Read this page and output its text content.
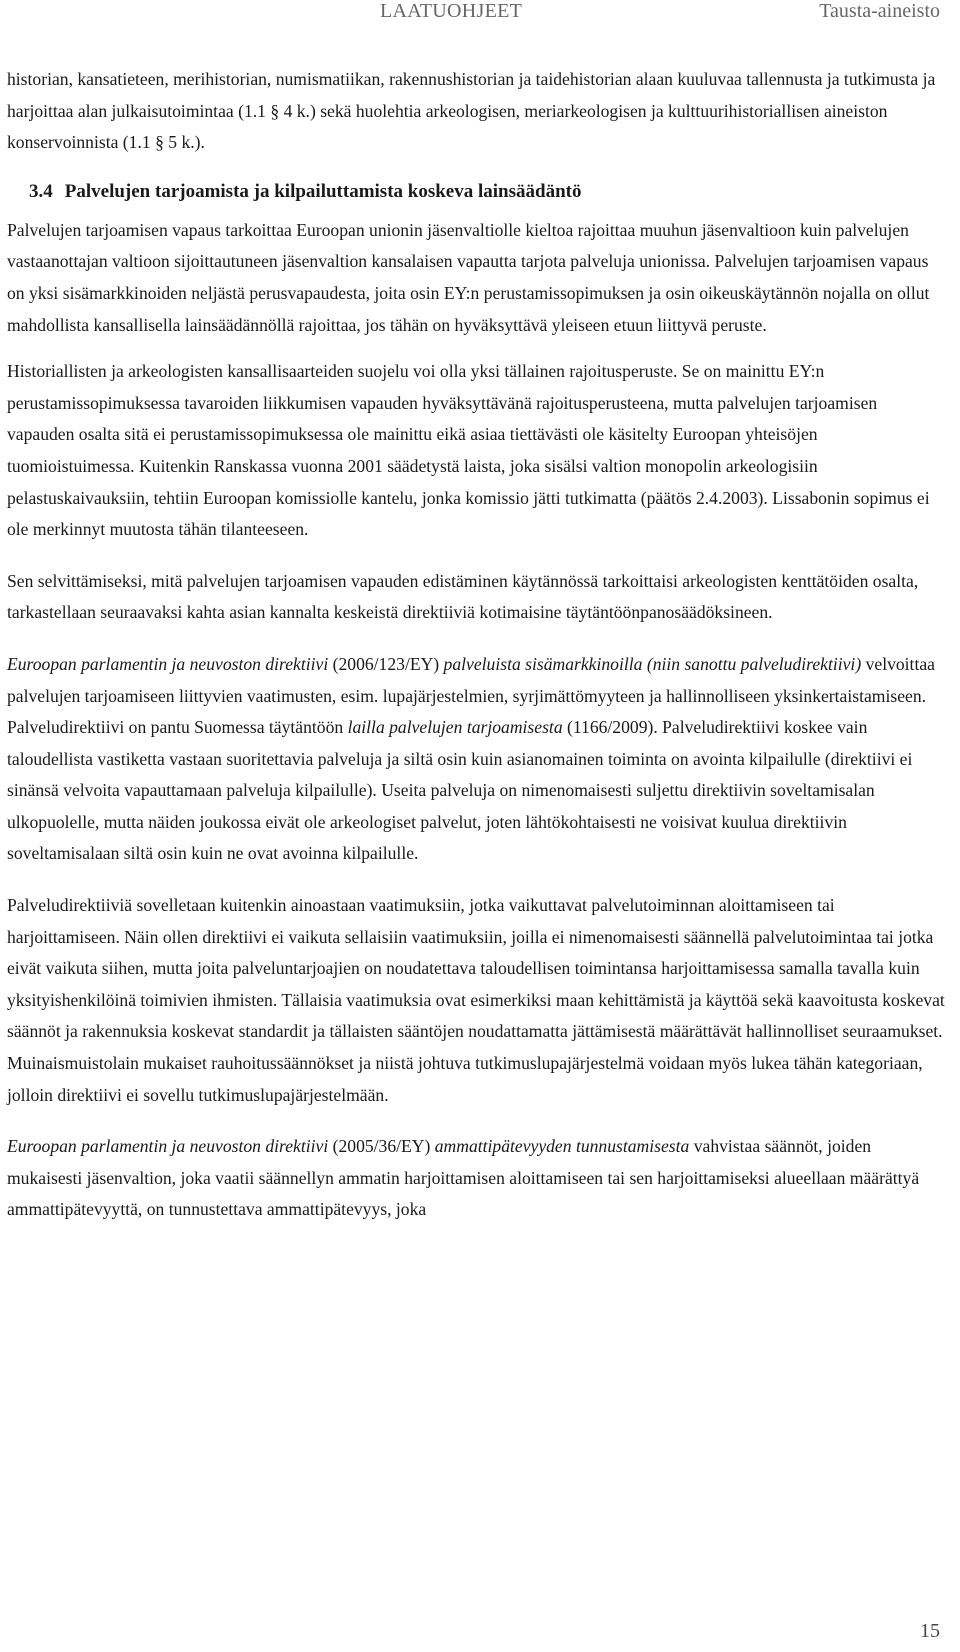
LAATUOHJEET	Tausta-aineisto

historian, kansatieteen, merihistorian, numismatiikan, rakennushistorian ja taidehistorian alaan kuuluvaa tallennusta ja tutkimusta ja harjoittaa alan julkaisutoimintaa (1.1 § 4 k.) sekä huolehtia arkeologisen, meriarkeologisen ja kulttuurihistoriallisen aineiston konservoinnista (1.1 § 5 k.).

3.4 Palvelujen tarjoamista ja kilpailuttamista koskeva lainsäädäntö

Palvelujen tarjoamisen vapaus tarkoittaa Euroopan unionin jäsenvaltiolle kieltoa rajoittaa muuhun jäsenvaltioon kuin palvelujen vastaanottajan valtioon sijoittautuneen jäsenvaltion kansalaisen vapautta tarjota palveluja unionissa. Palvelujen tarjoamisen vapaus on yksi sisämarkkinoiden neljästä perusvapaudesta, joita osin EY:n perustamissopimuksen ja osin oikeuskäytännön nojalla on ollut mahdollista kansallisella lainsäädännöllä rajoittaa, jos tähän on hyväksyttävä yleiseen etuun liittyvä peruste.

Historiallisten ja arkeologisten kansallisaarteiden suojelu voi olla yksi tällainen rajoitusperuste. Se on mainittu EY:n perustamissopimuksessa tavaroiden liikkumisen vapauden hyväksyttävänä rajoitusperusteena, mutta palvelujen tarjoamisen vapauden osalta sitä ei perustamissopimuksessa ole mainittu eikä asiaa tiettävästi ole käsitelty Euroopan yhteisöjen tuomioistuimessa. Kuitenkin Ranskassa vuonna 2001 säädetystä laista, joka sisälsi valtion monopolin arkeologisiin pelastuskaivauksiin, tehtiin Euroopan komissiolle kantelu, jonka komissio jätti tutkimatta (päätös 2.4.2003). Lissabonin sopimus ei ole merkinnyt muutosta tähän tilanteeseen.

Sen selvittämiseksi, mitä palvelujen tarjoamisen vapauden edistäminen käytännössä tarkoittaisi arkeologisten kenttätöiden osalta, tarkastellaan seuraavaksi kahta asian kannalta keskeistä direktiiviä kotimaisine täytäntöönpanosäädöksineen.

Euroopan parlamentin ja neuvoston direktiivi (2006/123/EY) palveluista sisämarkkinoilla (niin sanottu palveludirektiivi) velvoittaa palvelujen tarjoamiseen liittyvien vaatimusten, esim. lupajärjestelmien, syrjimättömyyteen ja hallinnolliseen yksinkertaistamiseen. Palveludirektiivi on pantu Suomessa täytäntöön lailla palvelujen tarjoamisesta (1166/2009). Palveludirektiivi koskee vain taloudellista vastiketta vastaan suoritettavia palveluja ja siltä osin kuin asianomainen toiminta on avointa kilpailulle (direktiivi ei sinänsä velvoita vapauttamaan palveluja kilpailulle). Useita palveluja on nimenomaisesti suljettu direktiivin soveltamisalan ulkopuolelle, mutta näiden joukossa eivät ole arkeologiset palvelut, joten lähtökohtaisesti ne voisivat kuulua direktiivin soveltamisalaan siltä osin kuin ne ovat avoinna kilpailulle.

Palveludirektiiviä sovelletaan kuitenkin ainoastaan vaatimuksiin, jotka vaikuttavat palvelutoiminnan aloittamiseen tai harjoittamiseen. Näin ollen direktiivi ei vaikuta sellaisiin vaatimuksiin, joilla ei nimenomaisesti säännellä palvelutoimintaa tai jotka eivät vaikuta siihen, mutta joita palveluntarjoajien on noudatettava taloudellisen toimintansa harjoittamisessa samalla tavalla kuin yksityishenkilöinä toimivien ihmisten. Tällaisia vaatimuksia ovat esimerkiksi maan kehittämistä ja käyttöä sekä kaavoitusta koskevat säännöt ja rakennuksia koskevat standardit ja tällaisten sääntöjen noudattamatta jättämisestä määrättävät hallinnolliset seuraamukset. Muinaismuistolain mukaiset rauhoitussäännökset ja niistä johtuva tutkimuslupajärjestelmä voidaan myös lukea tähän kategoriaan, jolloin direktiivi ei sovellu tutkimuslupajärjestelmään.

Euroopan parlamentin ja neuvoston direktiivi (2005/36/EY) ammattipätevyyden tunnustamisesta vahvistaa säännöt, joiden mukaisesti jäsenvaltion, joka vaatii säännellyn ammatin harjoittamisen aloittamiseen tai sen harjoittamiseksi alueellaan määrättyä ammattipätevyyttä, on tunnustettava ammattipätevyys, joka

15
